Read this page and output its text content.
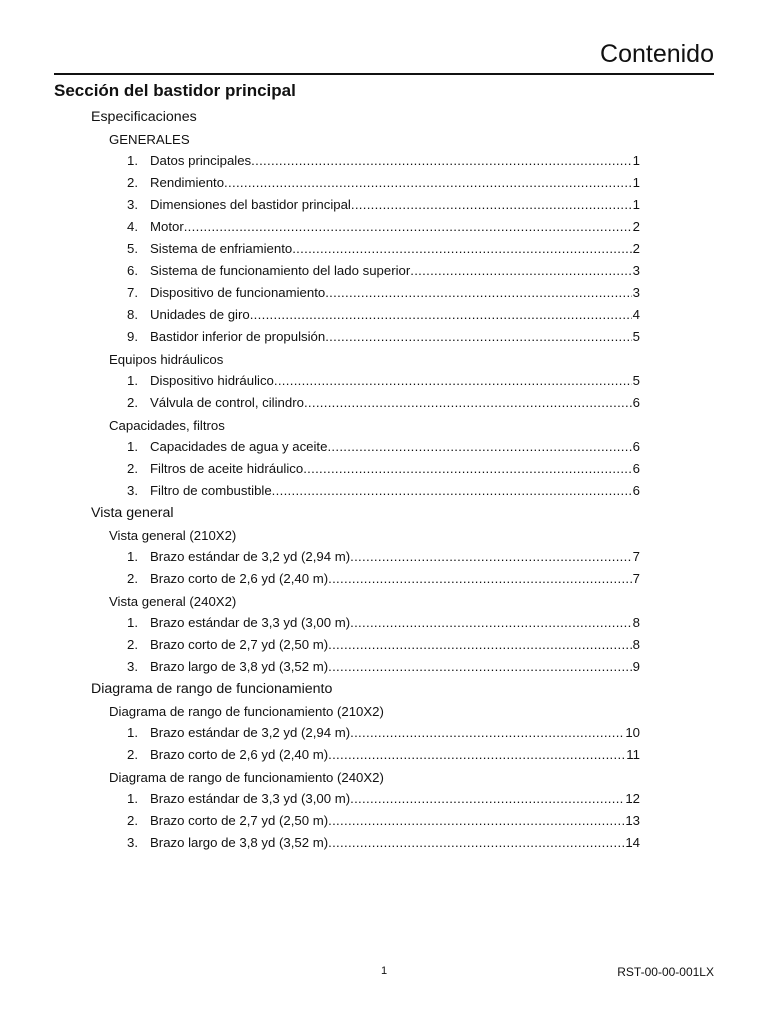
Contenido
Sección del bastidor principal
Especificaciones
GENERALES
1. Datos principales .....	1
2. Rendimiento .....	1
3. Dimensiones del bastidor principal .....	1
4. Motor .....	2
5. Sistema de enfriamiento .....	2
6. Sistema de funcionamiento del lado superior .....	3
7. Dispositivo de funcionamiento .....	3
8. Unidades de giro .....	4
9. Bastidor inferior de propulsión .....	5
Equipos hidráulicos
1. Dispositivo hidráulico .....	5
2. Válvula de control, cilindro .....	6
Capacidades, filtros
1. Capacidades de agua y aceite .....	6
2. Filtros de aceite hidráulico .....	6
3. Filtro de combustible .....	6
Vista general
Vista general (210X2)
1. Brazo estándar de 3,2 yd (2,94 m) .....	7
2. Brazo corto de 2,6 yd (2,40 m) .....	7
Vista general (240X2)
1. Brazo estándar de 3,3 yd (3,00 m) .....	8
2. Brazo corto de 2,7 yd (2,50 m) .....	8
3. Brazo largo de 3,8 yd (3,52 m) .....	9
Diagrama de rango de funcionamiento
Diagrama de rango de funcionamiento (210X2)
1. Brazo estándar de 3,2 yd (2,94 m) .....	10
2. Brazo corto de 2,6 yd (2,40 m) .....	11
Diagrama de rango de funcionamiento (240X2)
1. Brazo estándar de 3,3 yd (3,00 m) .....	12
2. Brazo corto de 2,7 yd (2,50 m) .....	13
3. Brazo largo de 3,8 yd (3,52 m) .....	14
1	RST-00-00-001LX
